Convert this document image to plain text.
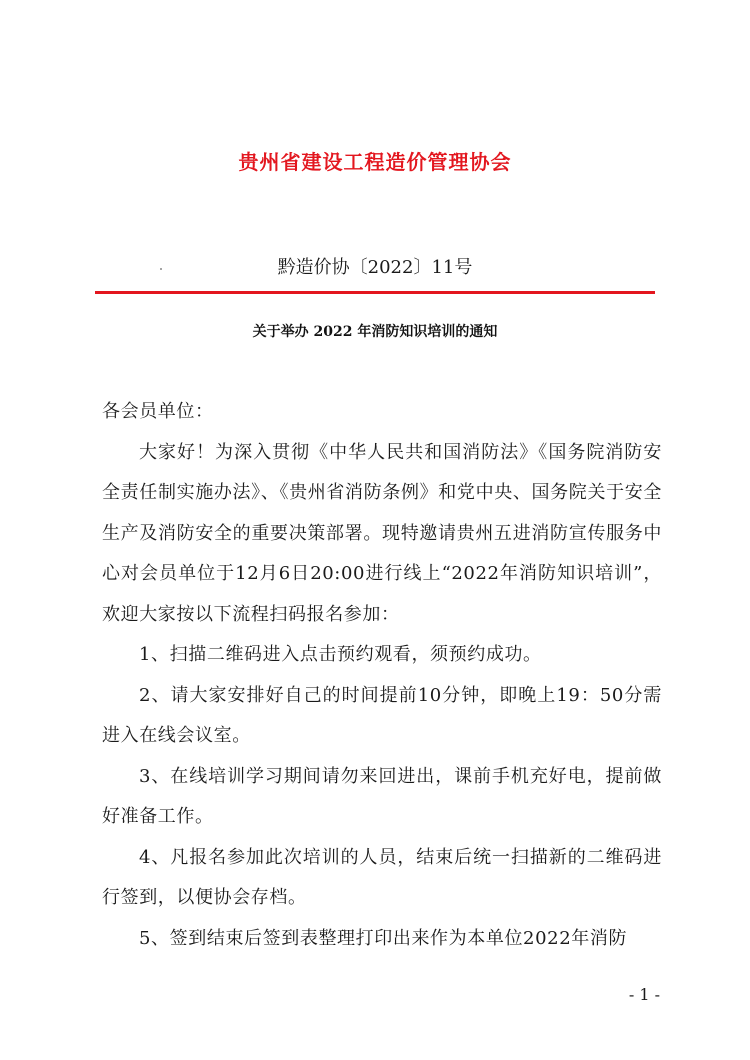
贵州省建设工程造价管理协会
黔造价协〔2022〕11号
关于举办 2022 年消防知识培训的通知

各会员单位：

大家好！为深入贯彻《中华人民共和国消防法》《国务院消防安全责任制实施办法》、《贵州省消防条例》和党中央、国务院关于安全生产及消防安全的重要决策部署。现特邀请贵州五进消防宣传服务中心对会员单位于12月6日20:00进行线上“2022年消防知识培训”，欢迎大家按以下流程扫码报名参加：

1、扫描二维码进入点击预约观看，须预约成功。

2、请大家安排好自己的时间提前10分钟，即晚上19：50分需进入在线会议室。

3、在线培训学习期间请勿来回进出，课前手机充好电，提前做好准备工作。

4、凡报名参加此次培训的人员，结束后统一扫描新的二维码进行签到，以便协会存档。

5、签到结束后签到表整理打印出来作为本单位2022年消防

- 1 -
